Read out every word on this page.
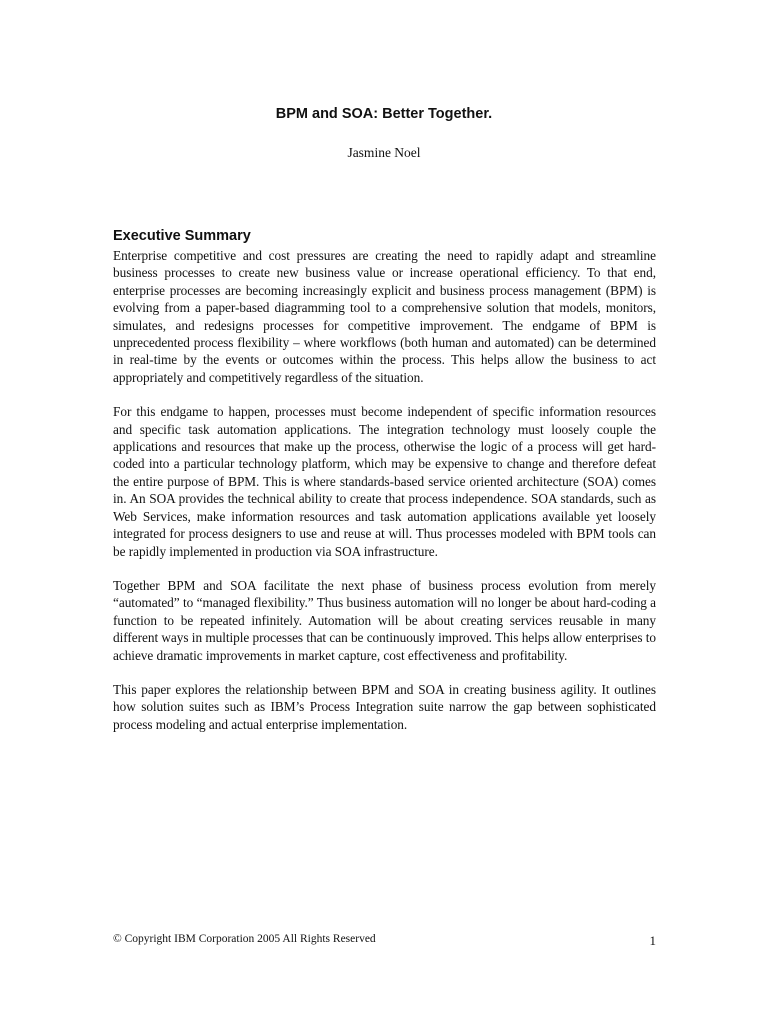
BPM and SOA: Better Together.

Jasmine Noel

Executive Summary

Enterprise competitive and cost pressures are creating the need to rapidly adapt and streamline business processes to create new business value or increase operational efficiency. To that end, enterprise processes are becoming increasingly explicit and business process management (BPM) is evolving from a paper-based diagramming tool to a comprehensive solution that models, monitors, simulates, and redesigns processes for competitive improvement. The endgame of BPM is unprecedented process flexibility – where workflows (both human and automated) can be determined in real-time by the events or outcomes within the process. This helps allow the business to act appropriately and competitively regardless of the situation.

For this endgame to happen, processes must become independent of specific information resources and specific task automation applications. The integration technology must loosely couple the applications and resources that make up the process, otherwise the logic of a process will get hard-coded into a particular technology platform, which may be expensive to change and therefore defeat the entire purpose of BPM. This is where standards-based service oriented architecture (SOA) comes in. An SOA provides the technical ability to create that process independence. SOA standards, such as Web Services, make information resources and task automation applications available yet loosely integrated for process designers to use and reuse at will. Thus processes modeled with BPM tools can be rapidly implemented in production via SOA infrastructure.

Together BPM and SOA facilitate the next phase of business process evolution from merely “automated” to “managed flexibility.” Thus business automation will no longer be about hard-coding a function to be repeated infinitely. Automation will be about creating services reusable in many different ways in multiple processes that can be continuously improved. This helps allow enterprises to achieve dramatic improvements in market capture, cost effectiveness and profitability.

This paper explores the relationship between BPM and SOA in creating business agility. It outlines how solution suites such as IBM’s Process Integration suite narrow the gap between sophisticated process modeling and actual enterprise implementation.

© Copyright IBM Corporation 2005 All Rights Reserved	1
